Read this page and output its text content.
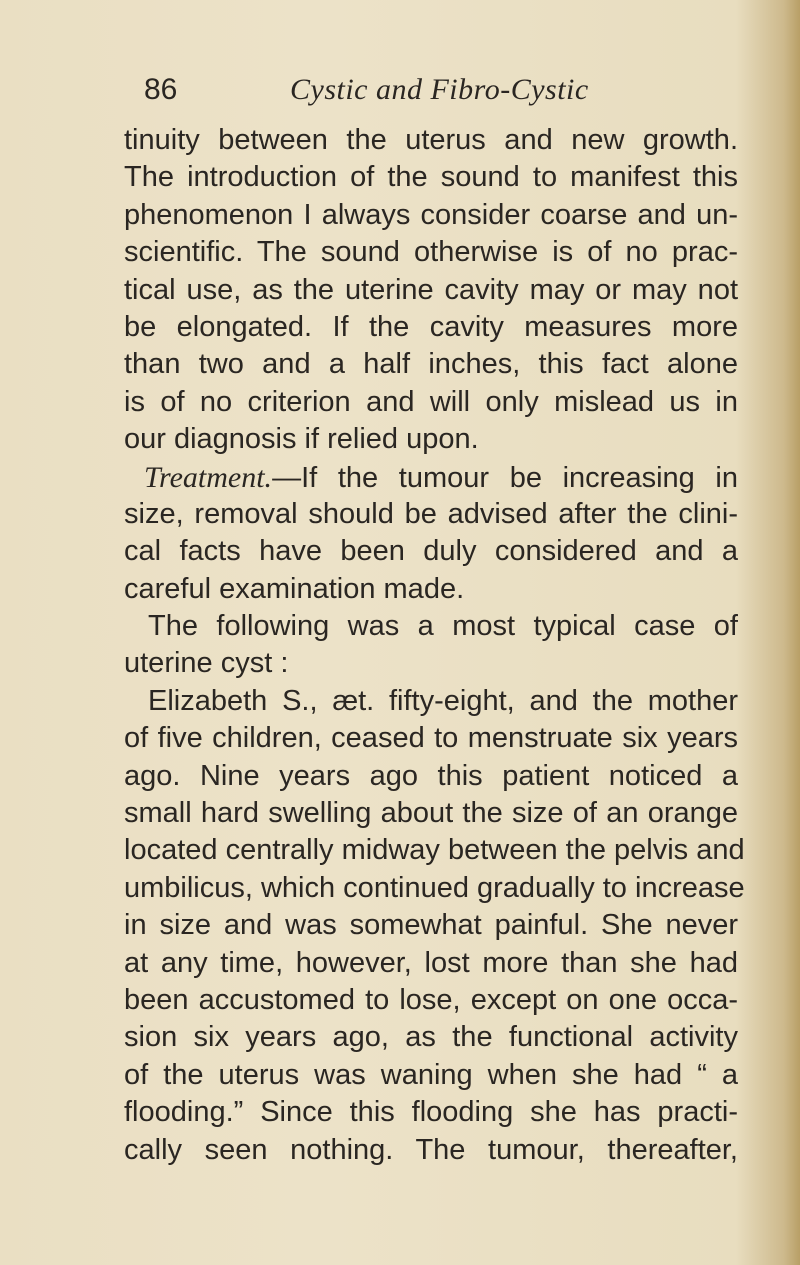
86	Cystic and Fibro-Cystic
tinuity between the uterus and new growth.
The introduction of the sound to manifest this
phenomenon I always consider coarse and un-
scientific. The sound otherwise is of no prac-
tical use, as the uterine cavity may or may not
be elongated. If the cavity measures more
than two and a half inches, this fact alone
is of no criterion and will only mislead us in
our diagnosis if relied upon.
Treatment.—If the tumour be increasing in
size, removal should be advised after the clini-
cal facts have been duly considered and a
careful examination made.
The following was a most typical case of
uterine cyst :
Elizabeth S., æt. fifty-eight, and the mother
of five children, ceased to menstruate six years
ago. Nine years ago this patient noticed a
small hard swelling about the size of an orange
located centrally midway between the pelvis and
umbilicus, which continued gradually to increase
in size and was somewhat painful. She never
at any time, however, lost more than she had
been accustomed to lose, except on one occa-
sion six years ago, as the functional activity
of the uterus was waning when she had “ a
flooding.” Since this flooding she has practi-
cally seen nothing. The tumour, thereafter,
